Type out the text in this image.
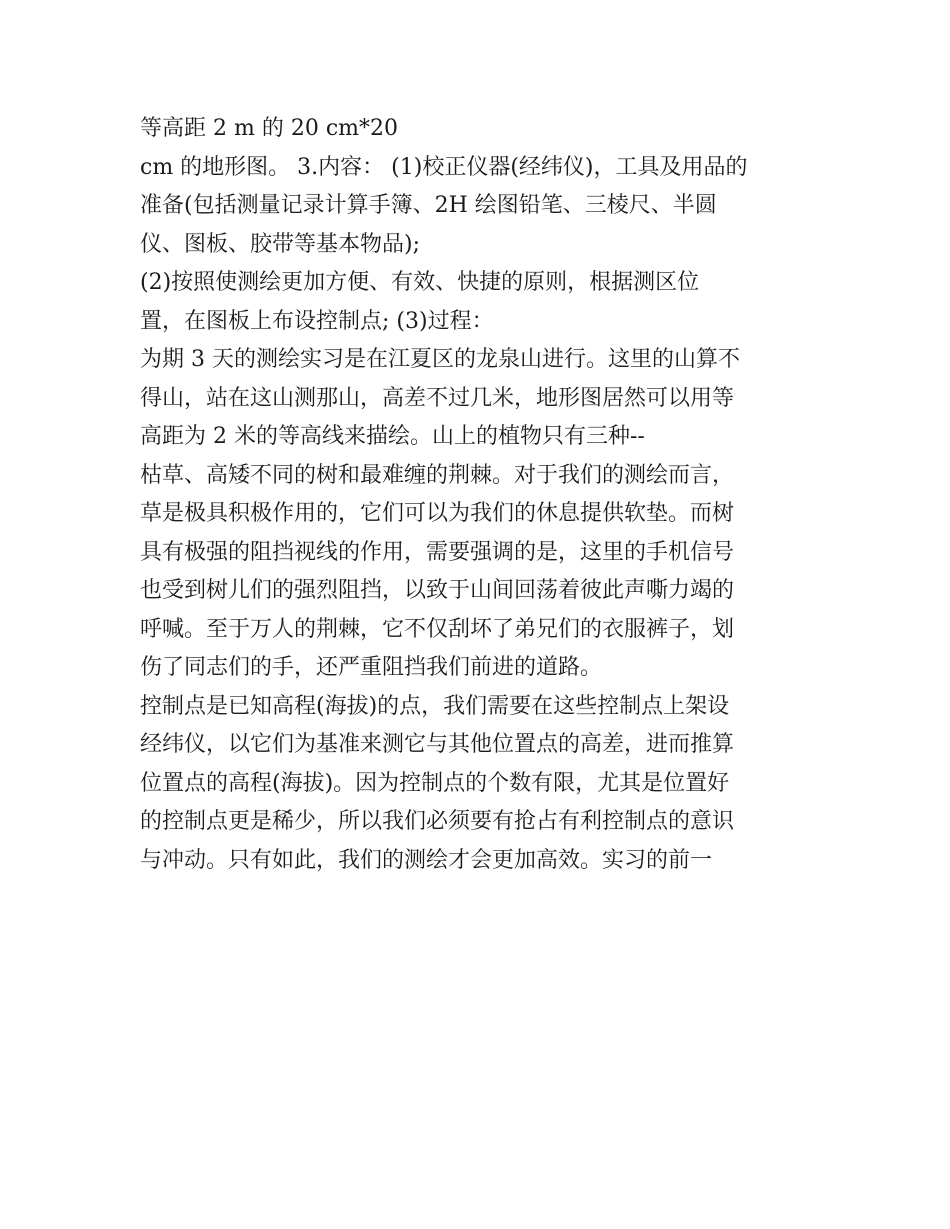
等高距 2 m 的 20 cm*20
cm 的地形图。 3.内容： (1)校正仪器(经纬仪)，工具及用品的
准备(包括测量记录计算手簿、2H 绘图铅笔、三棱尺、半圆
仪、图板、胶带等基本物品);
(2)按照使测绘更加方便、有效、快捷的原则，根据测区位
置，在图板上布设控制点; (3)过程：
为期 3 天的测绘实习是在江夏区的龙泉山进行。这里的山算不
得山，站在这山测那山，高差不过几米，地形图居然可以用等
高距为 2 米的等高线来描绘。山上的植物只有三种--
枯草、高矮不同的树和最难缠的荆棘。对于我们的测绘而言，
草是极具积极作用的，它们可以为我们的休息提供软垫。而树
具有极强的阻挡视线的作用，需要强调的是，这里的手机信号
也受到树儿们的强烈阻挡，以致于山间回荡着彼此声嘶力竭的
呼喊。至于万人的荆棘，它不仅刮坏了弟兄们的衣服裤子，划
伤了同志们的手，还严重阻挡我们前进的道路。
控制点是已知高程(海拔)的点，我们需要在这些控制点上架设
经纬仪，以它们为基准来测它与其他位置点的高差，进而推算
位置点的高程(海拔)。因为控制点的个数有限，尤其是位置好
的控制点更是稀少，所以我们必须要有抢占有利控制点的意识
与冲动。只有如此，我们的测绘才会更加高效。实习的前一
